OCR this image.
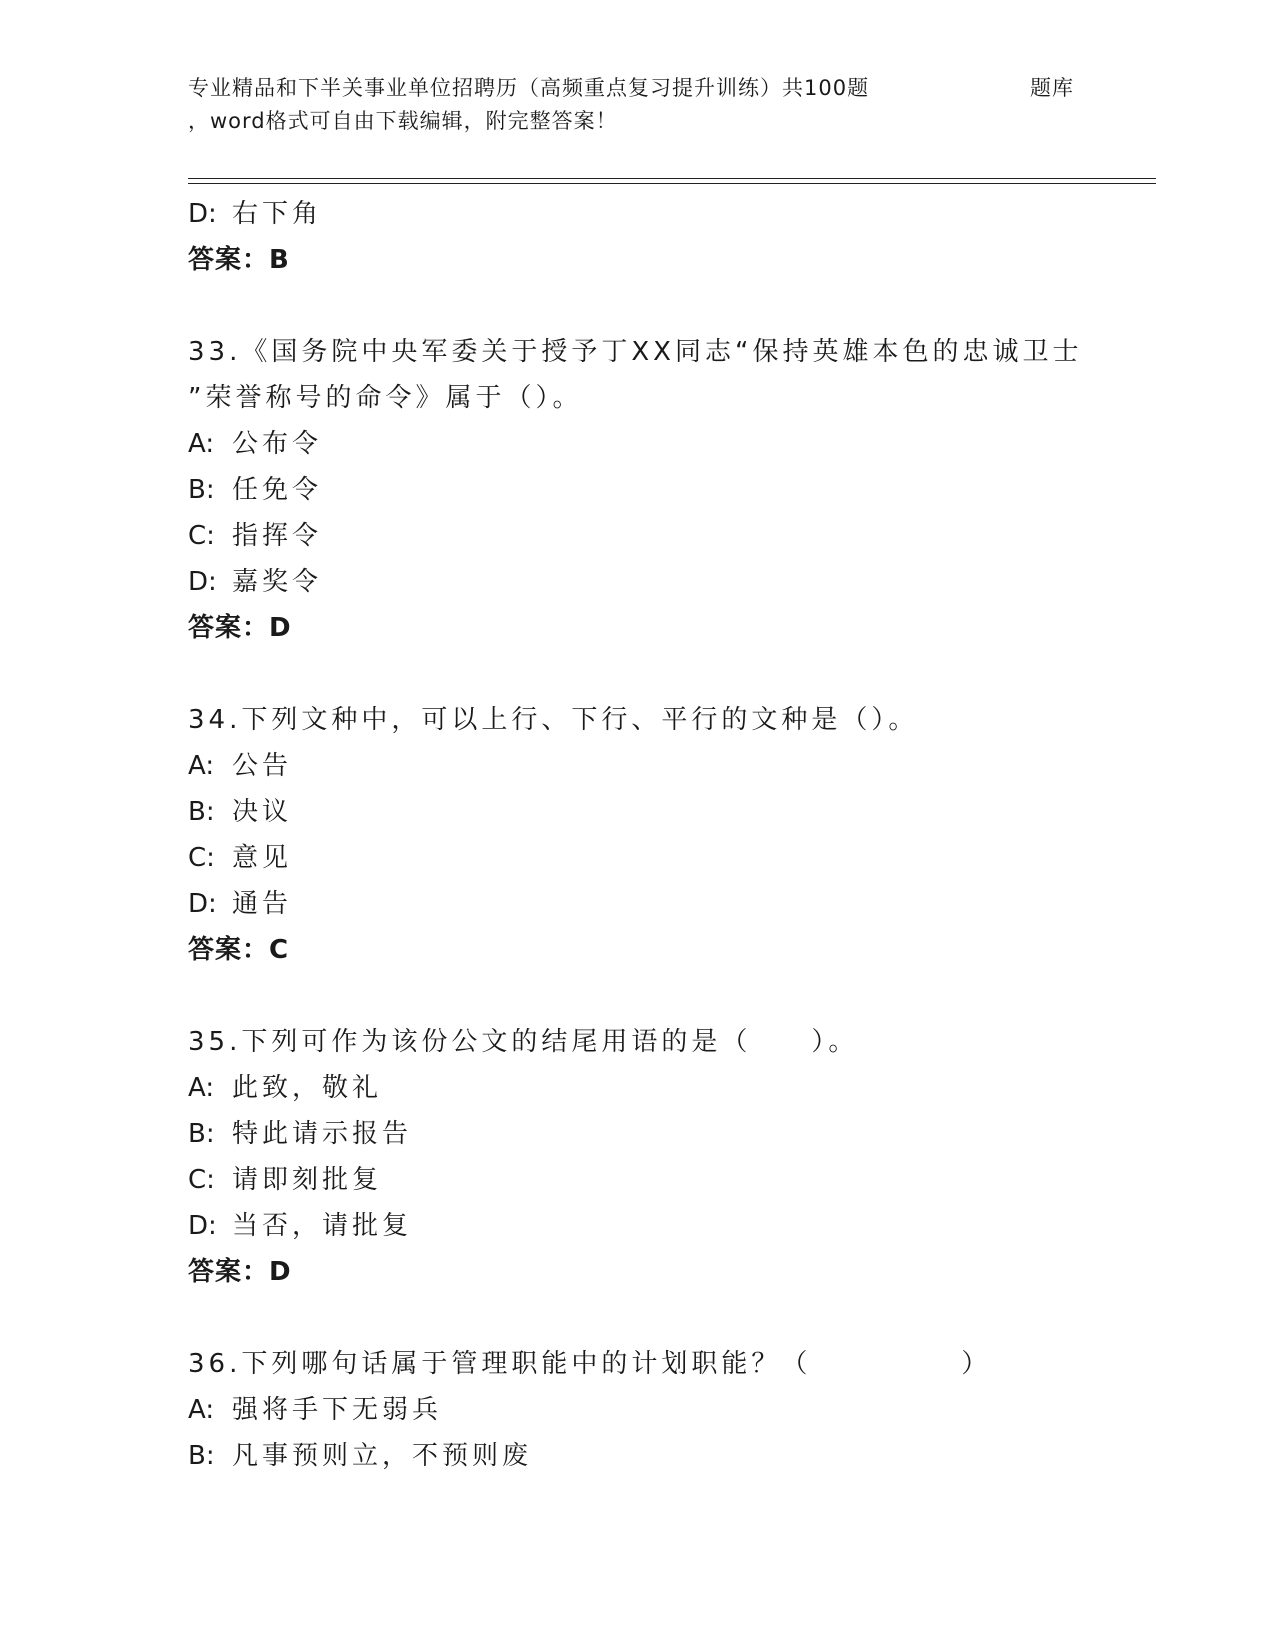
专业精品和下半关事业单位招聘历（高频重点复习提升训练）共100题	题库
，word格式可自由下载编辑，附完整答案！
D: 右下角
答案：B
33.《国务院中央军委关于授予丁XX同志“保持英雄本色的忠诚卫士
”荣誉称号的命令》属于（）。
A: 公布令
B: 任免令
C: 指挥令
D: 嘉奖令
答案：D
34.下列文种中，可以上行、下行、平行的文种是（）。
A: 公告
B: 决议
C: 意见
D: 通告
答案：C
35.下列可作为该份公文的结尾用语的是（　　）。
A: 此致，敬礼
B: 特此请示报告
C: 请即刻批复
D: 当否，请批复
答案：D
36.下列哪句话属于管理职能中的计划职能？（　　　　　）
A: 强将手下无弱兵
B: 凡事预则立，不预则废
